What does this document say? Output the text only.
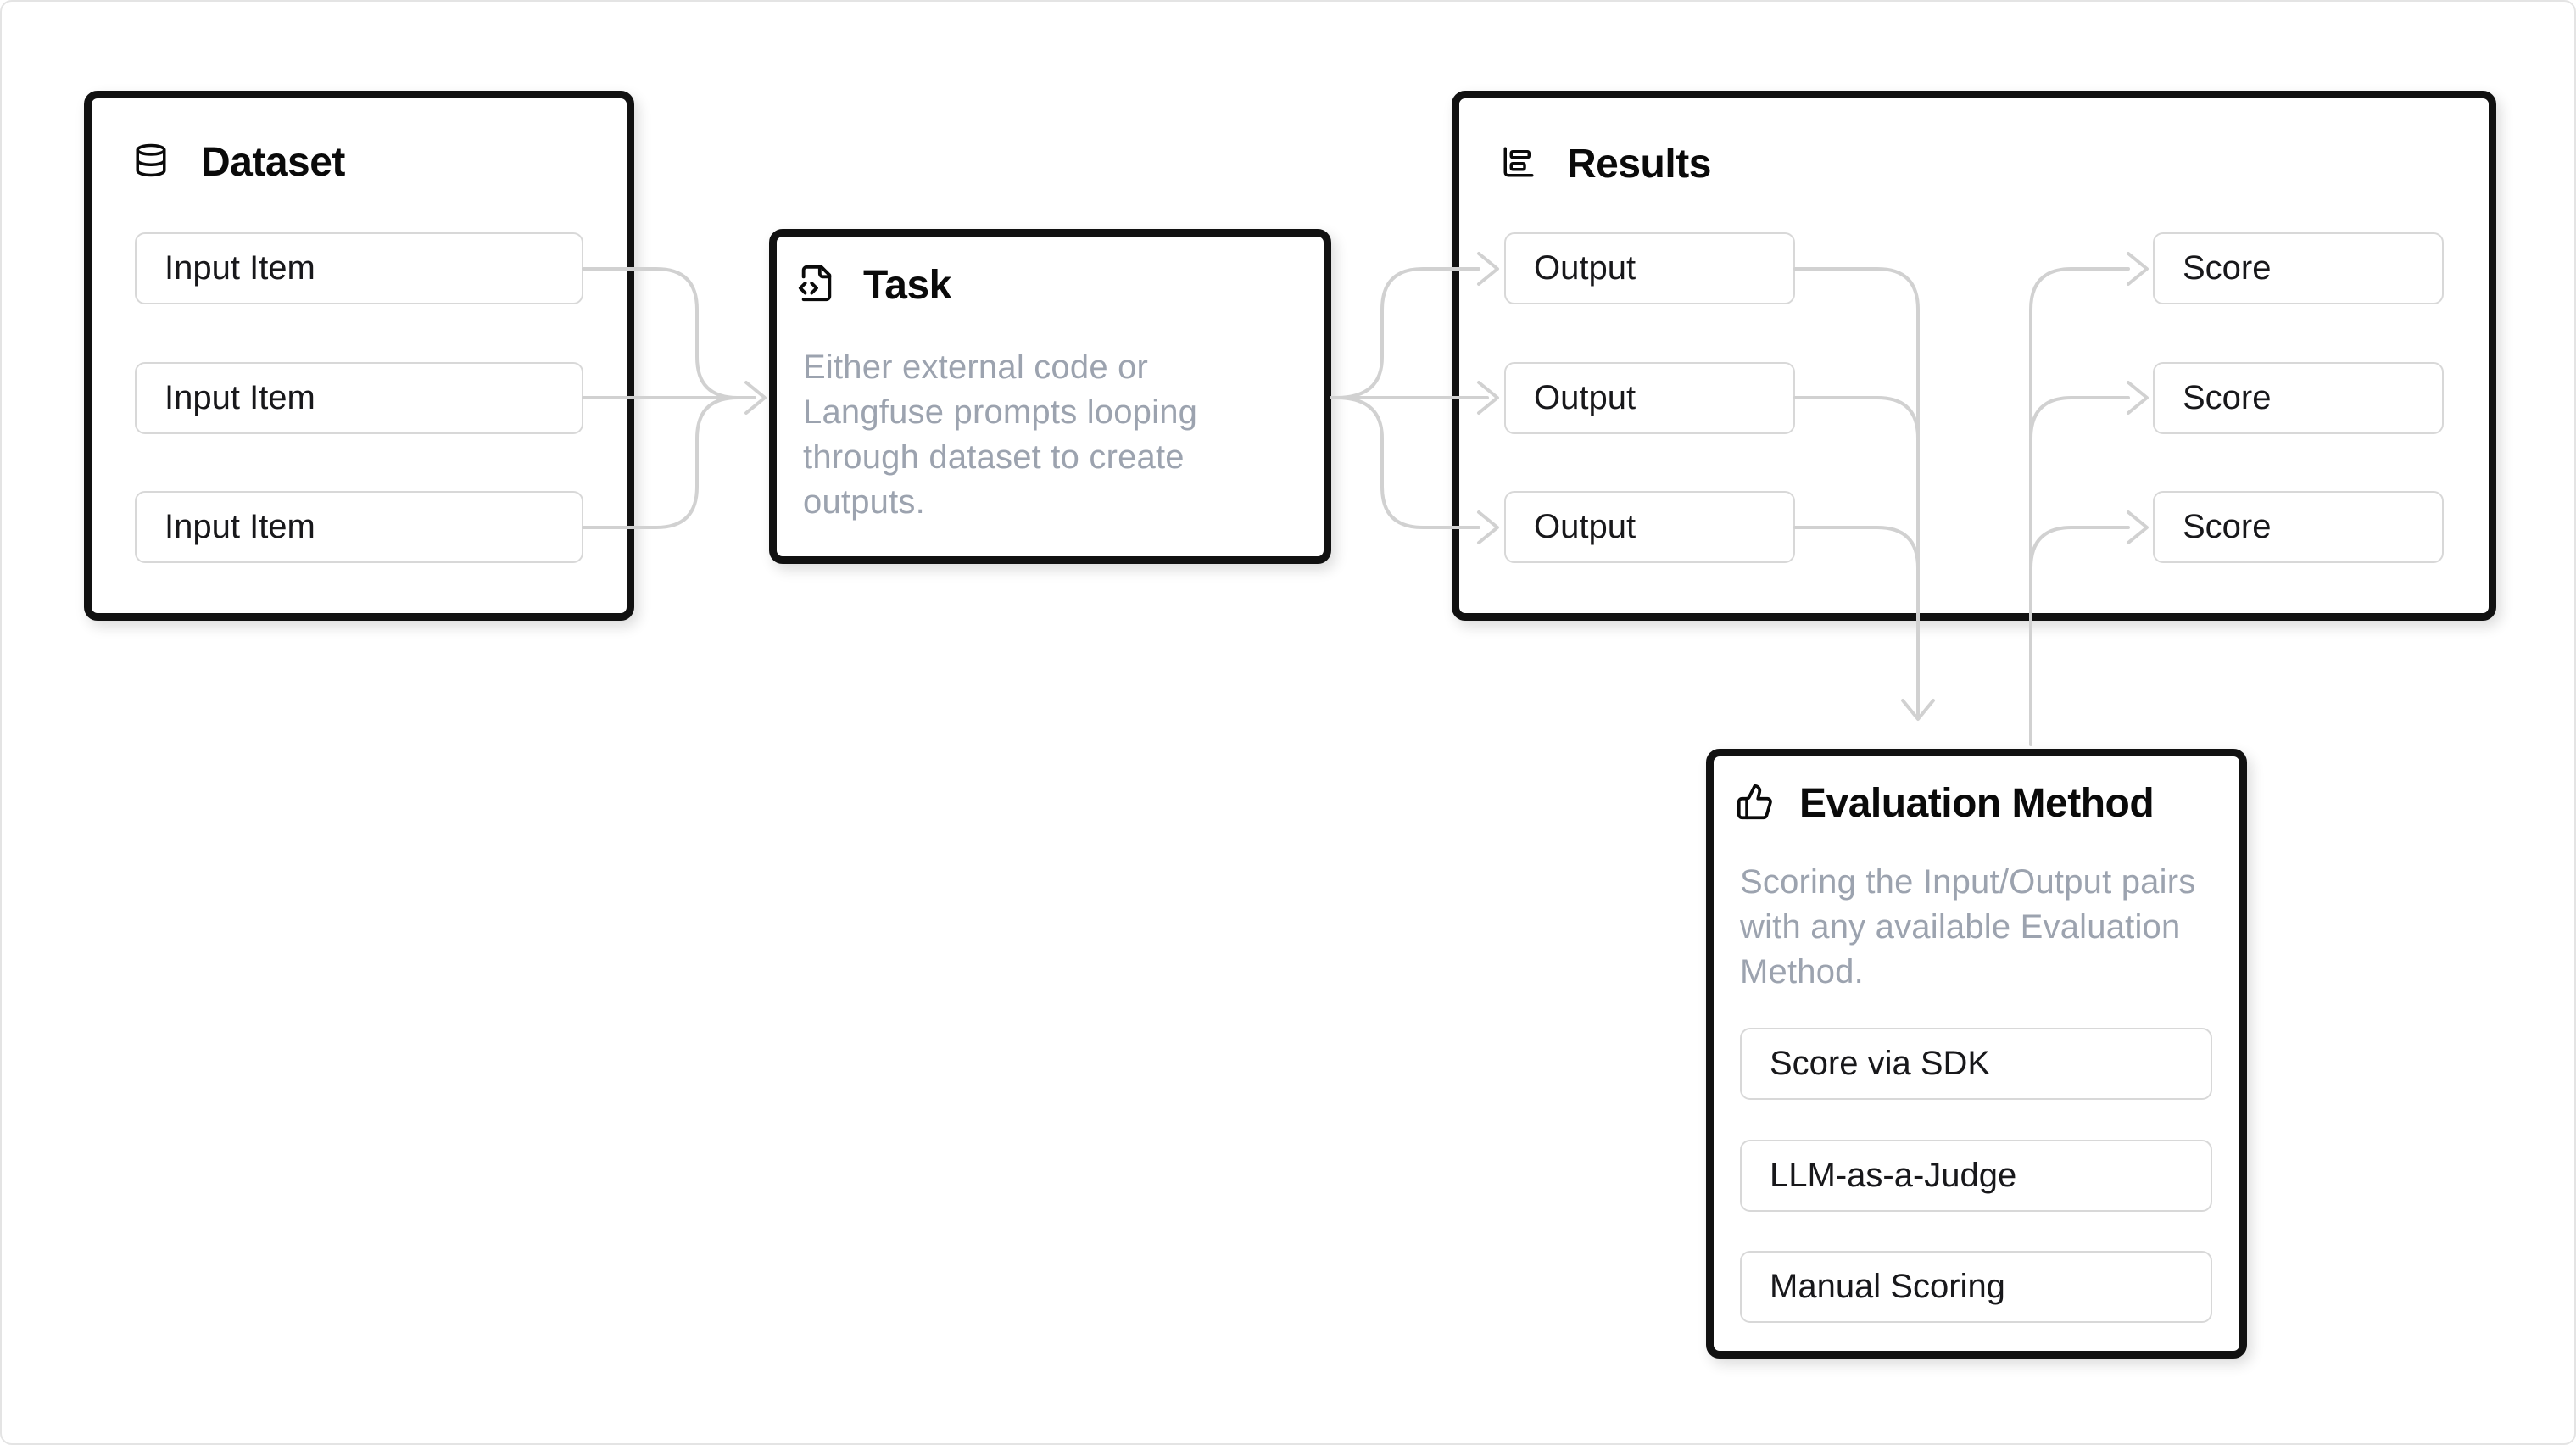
Dataset
Input Item
Input Item
Input Item
Task
Either external code or Langfuse prompts looping through dataset to create outputs.
Results
Output
Output
Output
Score
Score
Score
Evaluation Method
Scoring the Input/Output pairs with any available Evaluation Method.
Score via SDK
LLM-as-a-Judge
Manual Scoring
